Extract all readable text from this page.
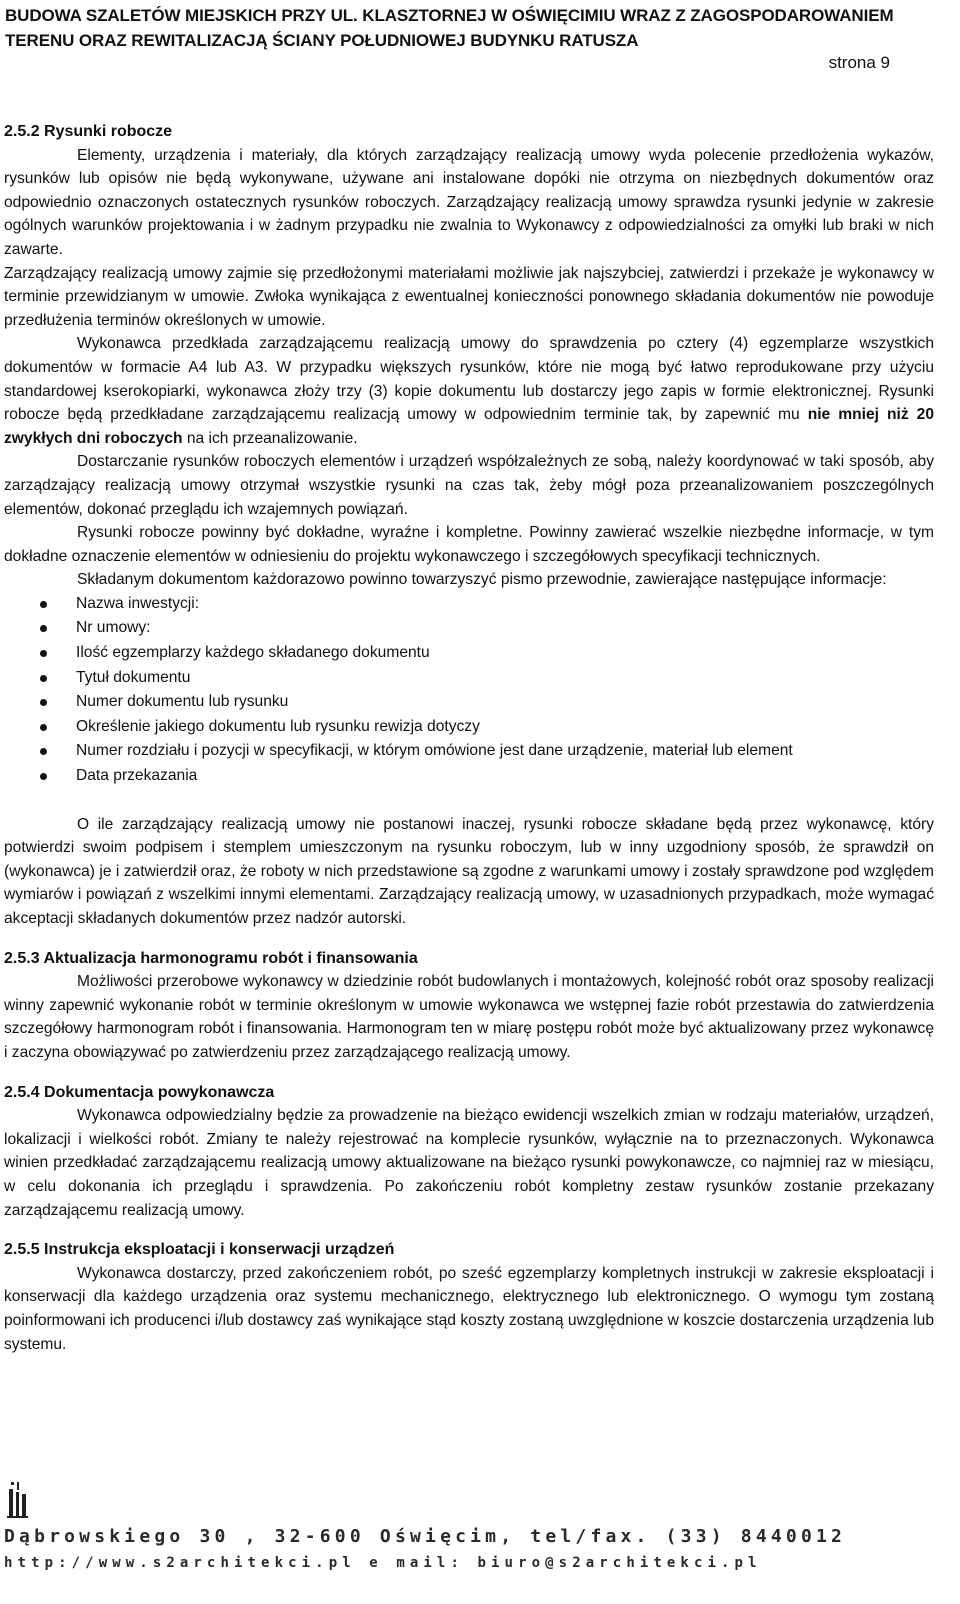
BUDOWA SZALETÓW MIEJSKICH PRZY UL. KLASZTORNEJ W OŚWIĘCIMIU WRAZ Z ZAGOSPODAROWANIEM
TERENU ORAZ REWITALIZACJĄ ŚCIANY POŁUDNIOWEJ BUDYNKU RATUSZA
strona 9
2.5.2 Rysunki robocze

Elementy, urządzenia i materiały, dla których zarządzający realizacją umowy wyda polecenie przedłożenia wykazów, rysunków lub opisów nie będą wykonywane, używane ani instalowane dopóki nie otrzyma on niezbędnych dokumentów oraz odpowiednio oznaczonych ostatecznych rysunków roboczych. Zarządzający realizacją umowy sprawdza rysunki jedynie w zakresie ogólnych warunków projektowania i w żadnym przypadku nie zwalnia to Wykonawcy z odpowiedzialności za omyłki lub braki w nich zawarte.

Zarządzający realizacją umowy zajmie się przedłożonymi materiałami możliwie jak najszybciej, zatwierdzi i przekaże je wykonawcy w terminie przewidzianym w umowie. Zwłoka wynikająca z ewentualnej konieczności ponownego składania dokumentów nie powoduje przedłużenia terminów określonych w umowie.

Wykonawca przedkłada zarządzającemu realizacją umowy do sprawdzenia po cztery (4) egzemplarze wszystkich dokumentów w formacie A4 lub A3. W przypadku większych rysunków, które nie mogą być łatwo reprodukowane przy użyciu standardowej kserokopiarki, wykonawca złoży trzy (3) kopie dokumentu lub dostarczy jego zapis w formie elektronicznej. Rysunki robocze będą przedkładane zarządzającemu realizacją umowy w odpowiednim terminie tak, by zapewnić mu nie mniej niż 20 zwykłych dni roboczych na ich przeanalizowanie.

Dostarczanie rysunków roboczych elementów i urządzeń współzależnych ze sobą, należy koordynować w taki sposób, aby zarządzający realizacją umowy otrzymał wszystkie rysunki na czas tak, żeby mógł poza przeanalizowaniem poszczególnych elementów, dokonać przeglądu ich wzajemnych powiązań.

Rysunki robocze powinny być dokładne, wyraźne i kompletne. Powinny zawierać wszelkie niezbędne informacje, w tym dokładne oznaczenie elementów w odniesieniu do projektu wykonawczego i szczegółowych specyfikacji technicznych.

Składanym dokumentom każdorazowo powinno towarzyszyć pismo przewodnie, zawierające następujące informacje:

Nazwa inwestycji:
Nr umowy:
Ilość egzemplarzy każdego składanego dokumentu
Tytuł dokumentu
Numer dokumentu lub rysunku
Określenie jakiego dokumentu lub rysunku rewizja dotyczy
Numer rozdziału i pozycji w specyfikacji, w którym omówione jest dane urządzenie, materiał lub element
Data przekazania

O ile zarządzający realizacją umowy nie postanowi inaczej, rysunki robocze składane będą przez wykonawcę, który potwierdzi swoim podpisem i stemplem umieszczonym na rysunku roboczym, lub w inny uzgodniony sposób, że sprawdził on (wykonawca) je i zatwierdził oraz, że roboty w nich przedstawione są zgodne z warunkami umowy i zostały sprawdzone pod względem wymiarów i powiązań z wszelkimi innymi elementami. Zarządzający realizacją umowy, w uzasadnionych przypadkach, może wymagać akceptacji składanych dokumentów przez nadzór autorski.

2.5.3 Aktualizacja harmonogramu robót i finansowania

Możliwości przerobowe wykonawcy w dziedzinie robót budowlanych i montażowych, kolejność robót oraz sposoby realizacji winny zapewnić wykonanie robót w terminie określonym w umowie wykonawca we wstępnej fazie robót przestawia do zatwierdzenia szczegółowy harmonogram robót i finansowania. Harmonogram ten w miarę postępu robót może być aktualizowany przez wykonawcę i zaczyna obowiązywać po zatwierdzeniu przez zarządzającego realizacją umowy.

2.5.4 Dokumentacja powykonawcza

Wykonawca odpowiedzialny będzie za prowadzenie na bieżąco ewidencji wszelkich zmian w rodzaju materiałów, urządzeń, lokalizacji i wielkości robót. Zmiany te należy rejestrować na komplecie rysunków, wyłącznie na to przeznaczonych. Wykonawca winien przedkładać zarządzającemu realizacją umowy aktualizowane na bieżąco rysunki powykonawcze, co najmniej raz w miesiącu, w celu dokonania ich przeglądu i sprawdzenia. Po zakończeniu robót kompletny zestaw rysunków zostanie przekazany zarządzającemu realizacją umowy.

2.5.5 Instrukcja eksploatacji i konserwacji urządzeń

Wykonawca dostarczy, przed zakończeniem robót, po sześć egzemplarzy kompletnych instrukcji w zakresie eksploatacji i konserwacji dla każdego urządzenia oraz systemu mechanicznego, elektrycznego lub elektronicznego. O wymogu tym zostaną poinformowani ich producenci i/lub dostawcy zaś wynikające stąd koszty zostaną uwzględnione w koszcie dostarczenia urządzenia lub systemu.

Dąbrowskiego 30 , 32-600 Oświęcim, tel/fax. (33) 8440012
http://www.s2architekci.pl e mail: biuro@s2architekci.pl
